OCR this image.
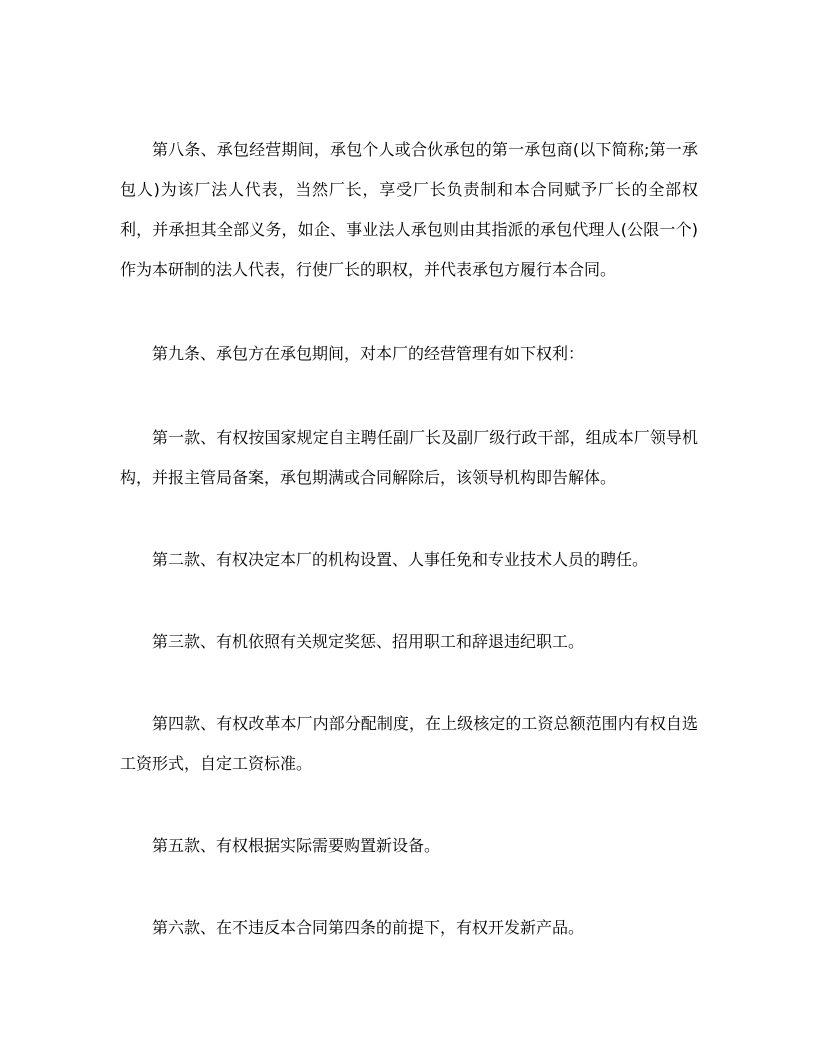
第八条、承包经营期间，承包个人或合伙承包的第一承包商(以下简称;第一承包人)为该厂法人代表，当然厂长，享受厂长负责制和本合同赋予厂长的全部权利，并承担其全部义务，如企、事业法人承包则由其指派的承包代理人(公限一个)作为本研制的法人代表，行使厂长的职权，并代表承包方履行本合同。

第九条、承包方在承包期间，对本厂的经营管理有如下权利：

第一款、有权按国家规定自主聘任副厂长及副厂级行政干部，组成本厂领导机构，并报主管局备案，承包期满或合同解除后，该领导机构即告解体。

第二款、有权决定本厂的机构设置、人事任免和专业技术人员的聘任。

第三款、有机依照有关规定奖惩、招用职工和辞退违纪职工。

第四款、有权改革本厂内部分配制度，在上级核定的工资总额范围内有权自选工资形式，自定工资标准。

第五款、有权根据实际需要购置新设备。

第六款、在不违反本合同第四条的前提下，有权开发新产品。
